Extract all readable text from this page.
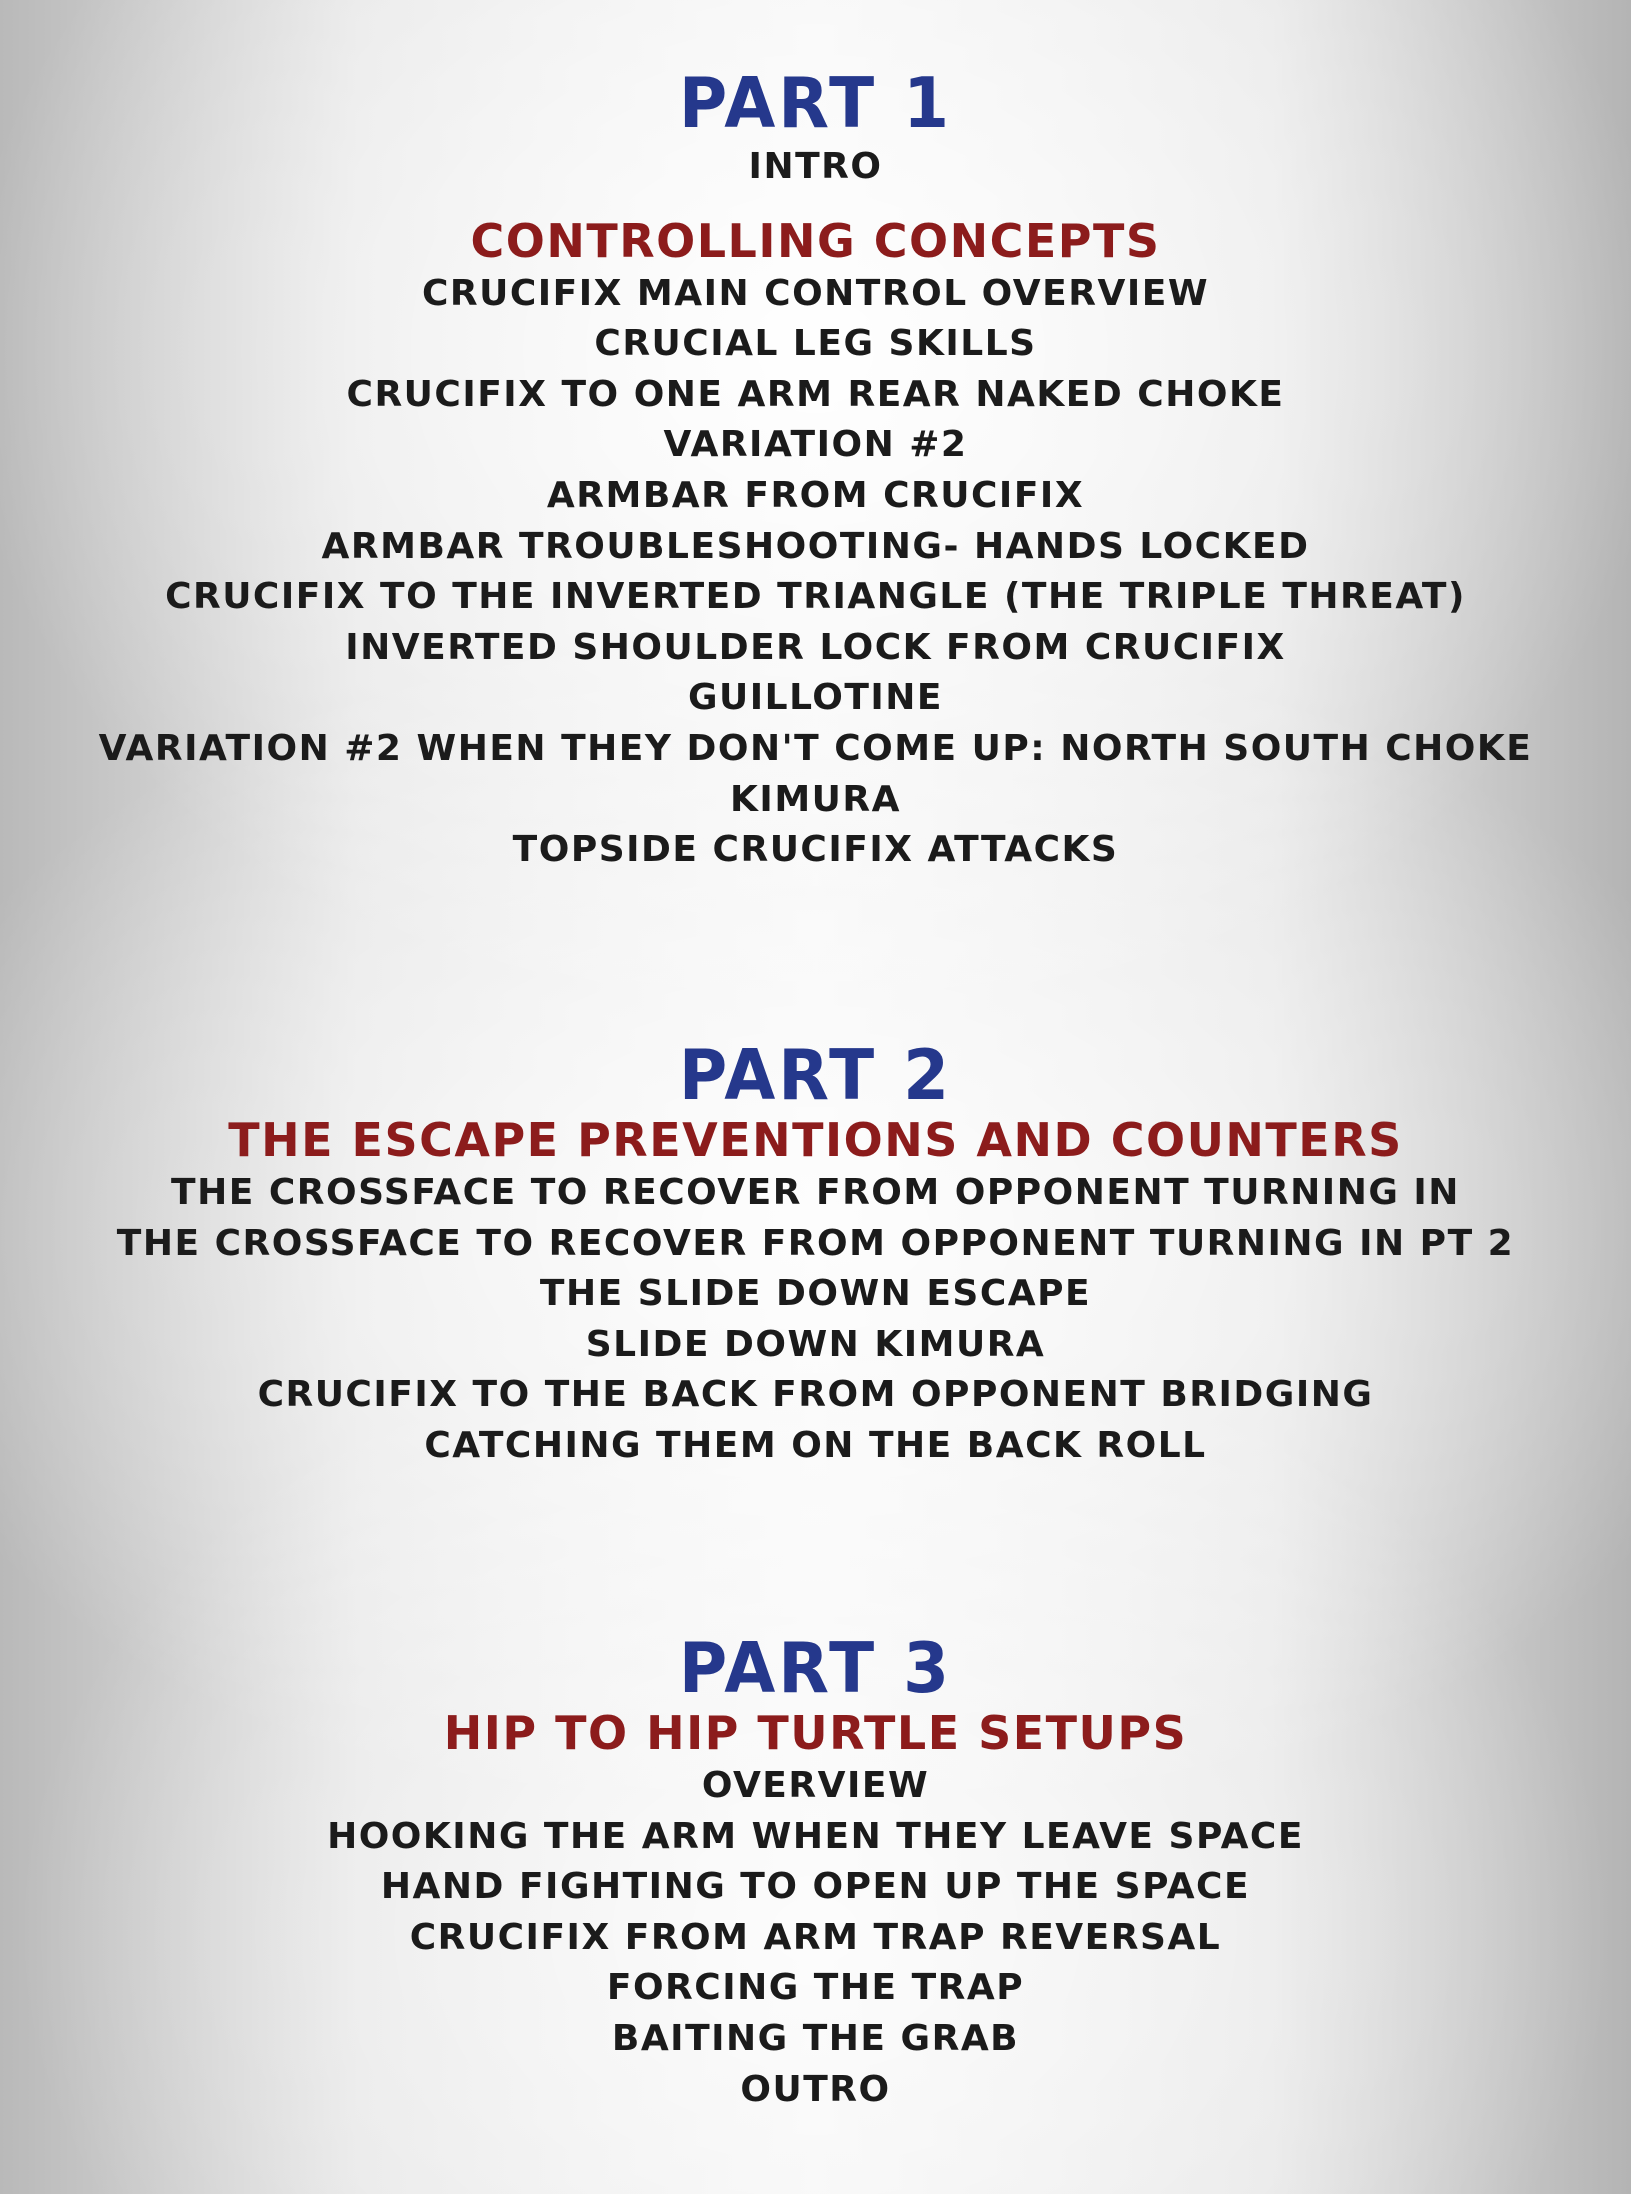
PART 1
INTRO
CONTROLLING CONCEPTS
CRUCIFIX MAIN CONTROL OVERVIEW
CRUCIAL LEG SKILLS
CRUCIFIX TO ONE ARM REAR NAKED CHOKE
VARIATION #2
ARMBAR FROM CRUCIFIX
ARMBAR TROUBLESHOOTING- HANDS LOCKED
CRUCIFIX TO THE INVERTED TRIANGLE (THE TRIPLE THREAT)
INVERTED SHOULDER LOCK FROM CRUCIFIX
GUILLOTINE
VARIATION #2 WHEN THEY DON'T COME UP: NORTH SOUTH CHOKE
KIMURA
TOPSIDE CRUCIFIX ATTACKS
PART 2
THE ESCAPE PREVENTIONS AND COUNTERS
THE CROSSFACE TO RECOVER FROM OPPONENT TURNING IN
THE CROSSFACE TO RECOVER FROM OPPONENT TURNING IN PT 2
THE SLIDE DOWN ESCAPE
SLIDE DOWN KIMURA
CRUCIFIX TO THE BACK FROM OPPONENT BRIDGING
CATCHING THEM ON THE BACK ROLL
PART 3
HIP TO HIP TURTLE SETUPS
OVERVIEW
HOOKING THE ARM WHEN THEY LEAVE SPACE
HAND FIGHTING TO OPEN UP THE SPACE
CRUCIFIX FROM ARM TRAP REVERSAL
FORCING THE TRAP
BAITING THE GRAB
OUTRO
